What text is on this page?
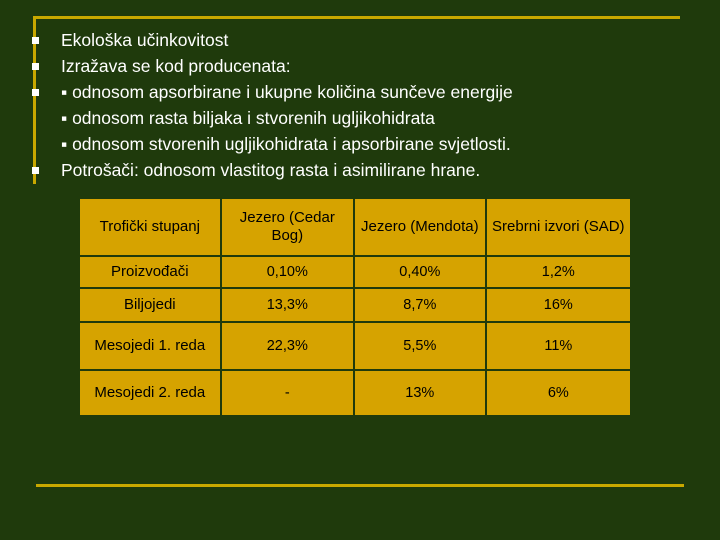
Ekološka učinkovitost
Izražava se kod producenata:
▪ odnosom apsorbirane i ukupne količina sunčeve energije
▪ odnosom rasta biljaka i stvorenih ugljikohidrata
▪ odnosom stvorenih ugljikohidrata i apsorbirane svjetlosti.
Potrošači: odnosom vlastitog rasta i asimilirane hrane.
Trofički stupanj	Jezero (Cedar Bog)	Jezero (Mendota)	Srebrni izvori (SAD)
Proizvođači	0,10%	0,40%	1,2%
Biljojedi	13,3%	8,7%	16%
Mesojedi 1. reda	22,3%	5,5%	11%
Mesojedi 2. reda	-	13%	6%
